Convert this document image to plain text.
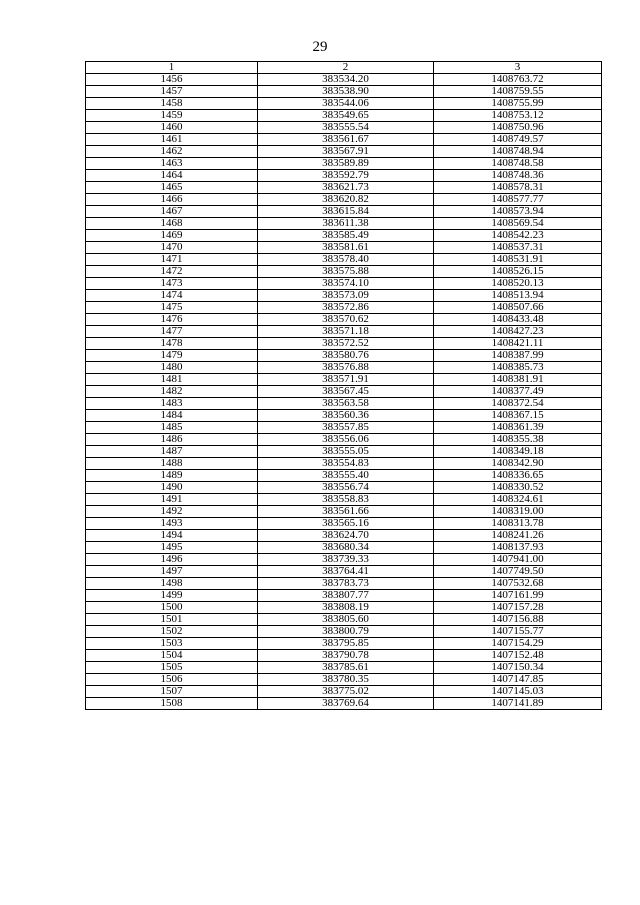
29
1	2	3
1456	383534.20	1408763.72
1457	383538.90	1408759.55
1458	383544.06	1408755.99
1459	383549.65	1408753.12
1460	383555.54	1408750.96
1461	383561.67	1408749.57
1462	383567.91	1408748.94
1463	383589.89	1408748.58
1464	383592.79	1408748.36
1465	383621.73	1408578.31
1466	383620.82	1408577.77
1467	383615.84	1408573.94
1468	383611.38	1408569.54
1469	383585.49	1408542.23
1470	383581.61	1408537.31
1471	383578.40	1408531.91
1472	383575.88	1408526.15
1473	383574.10	1408520.13
1474	383573.09	1408513.94
1475	383572.86	1408507.66
1476	383570.62	1408433.48
1477	383571.18	1408427.23
1478	383572.52	1408421.11
1479	383580.76	1408387.99
1480	383576.88	1408385.73
1481	383571.91	1408381.91
1482	383567.45	1408377.49
1483	383563.58	1408372.54
1484	383560.36	1408367.15
1485	383557.85	1408361.39
1486	383556.06	1408355.38
1487	383555.05	1408349.18
1488	383554.83	1408342.90
1489	383555.40	1408336.65
1490	383556.74	1408330.52
1491	383558.83	1408324.61
1492	383561.66	1408319.00
1493	383565.16	1408313.78
1494	383624.70	1408241.26
1495	383680.34	1408137.93
1496	383739.33	1407941.00
1497	383764.41	1407749.50
1498	383783.73	1407532.68
1499	383807.77	1407161.99
1500	383808.19	1407157.28
1501	383805.60	1407156.88
1502	383800.79	1407155.77
1503	383795.85	1407154.29
1504	383790.78	1407152.48
1505	383785.61	1407150.34
1506	383780.35	1407147.85
1507	383775.02	1407145.03
1508	383769.64	1407141.89
